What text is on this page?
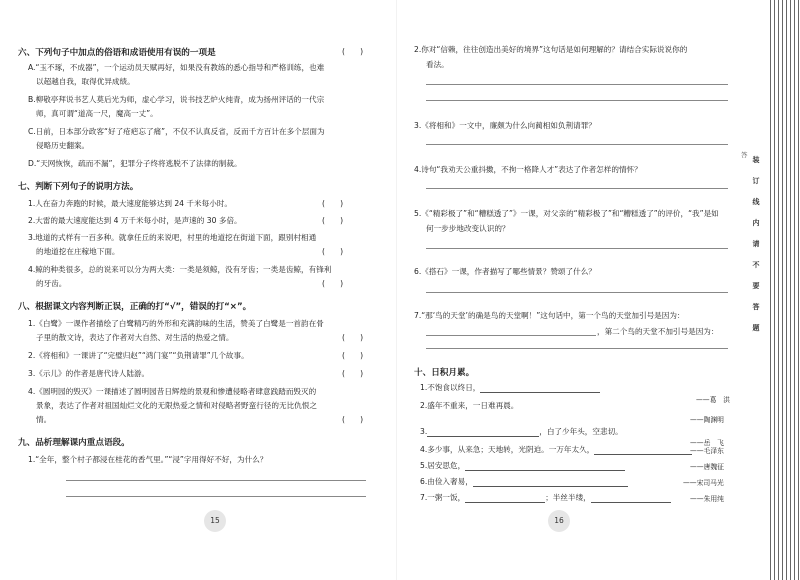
六、下列句子中加点的俗语和成语使用有误的一项是	(　　)
A.“玉不琢，不成器”，一个运动员天赋再好，如果没有教练的悉心指导和严格训练，也难
以超越自我，取得优异成绩。
B.柳敬亭拜说书艺人莫后光为师，虚心学习，说书技艺炉火纯青，成为扬州评话的一代宗
师，真可谓“道高一尺，魔高一丈”。
C.日前，日本部分政客“好了疮疤忘了痛”，不仅不认真反省，反而千方百计在多个层面为
侵略历史翻案。
D.“天网恢恢，疏而不漏”，犯罪分子终将逃脱不了法律的制裁。
七、判断下列句子的说明方法。
1.人在奋力奔跑的时候，最大速度能够达到 24 千米每小时。	(　　)
2.大雷的最大速度能达到 4 万千米每小时，是声速的 30 多倍。	(　　)
3.地道的式样有一百多种。就拿任丘的来说吧，村里的地道挖在街道下面，跟别村相通
的地道挖在庄稼地下面。	(　　)
4.鲸的种类很多，总的说来可以分为两大类：一类是须鲸，没有牙齿；一类是齿鲸，有锋利
的牙齿。	(　　)
八、根据课文内容判断正误，正确的打“√”，错误的打“×”。
1.《白鹭》一课作者描绘了白鹭精巧的外形和充满韵味的生活，赞美了白鹭是一首韵在骨
子里的散文诗，表达了作者对大自然、对生活的热爱之情。	(　　)
2.《将相和》一课讲了“完璧归赵”“鸿门宴”“负荆请罪”几个故事。	(　　)
3.《示儿》的作者是唐代诗人陆游。	(　　)
4.《圆明园的毁灭》一课描述了圆明园昔日辉煌的景观和惨遭侵略者肆意践踏而毁灭的
景象，表达了作者对祖国灿烂文化的无限热爱之情和对侵略者野蛮行径的无比仇恨之
情。	(　　)
九、品析理解课内重点语段。
1.“全年，整个村子都浸在桂花的香气里。”“浸”字用得好不好，为什么？
15
2.你对“信赖，往往创造出美好的境界”这句话是如何理解的？请结合实际说说你的
看法。
3.《将相和》一文中，廉颇为什么向蔺相如负荆请罪？
4.诗句“我劝天公重抖擞，不拘一格降人才”表达了作者怎样的情怀？
5.《“精彩极了”和“糟糕透了”》一课，对父亲的“精彩极了”和“糟糕透了”的评价，“我”是如
何一步步地改变认识的？
6.《搭石》一课，作者描写了哪些情景？赞颂了什么？
7.“那‘鸟的天堂’的确是鸟的天堂啊！”这句话中，第一个鸟的天堂加引号是因为：
，第二个鸟的天堂不加引号是因为：
十、日积月累。
1.不饱食以终日，
——葛　洪
2.盛年不重来，一日难再晨。
——陶渊明
3.	，白了少年头，空悲切。
——岳　飞
4.多少事，从来急；天地转，光阴迫。一万年太久，	——毛泽东
5.居安思危，	——唐魏征
6.由俭入奢易，	——宋司马光
7.一粥一饭，	；半丝半缕，	——朱用纯
16
装
订
线
内
请
不
要
答
题
答
